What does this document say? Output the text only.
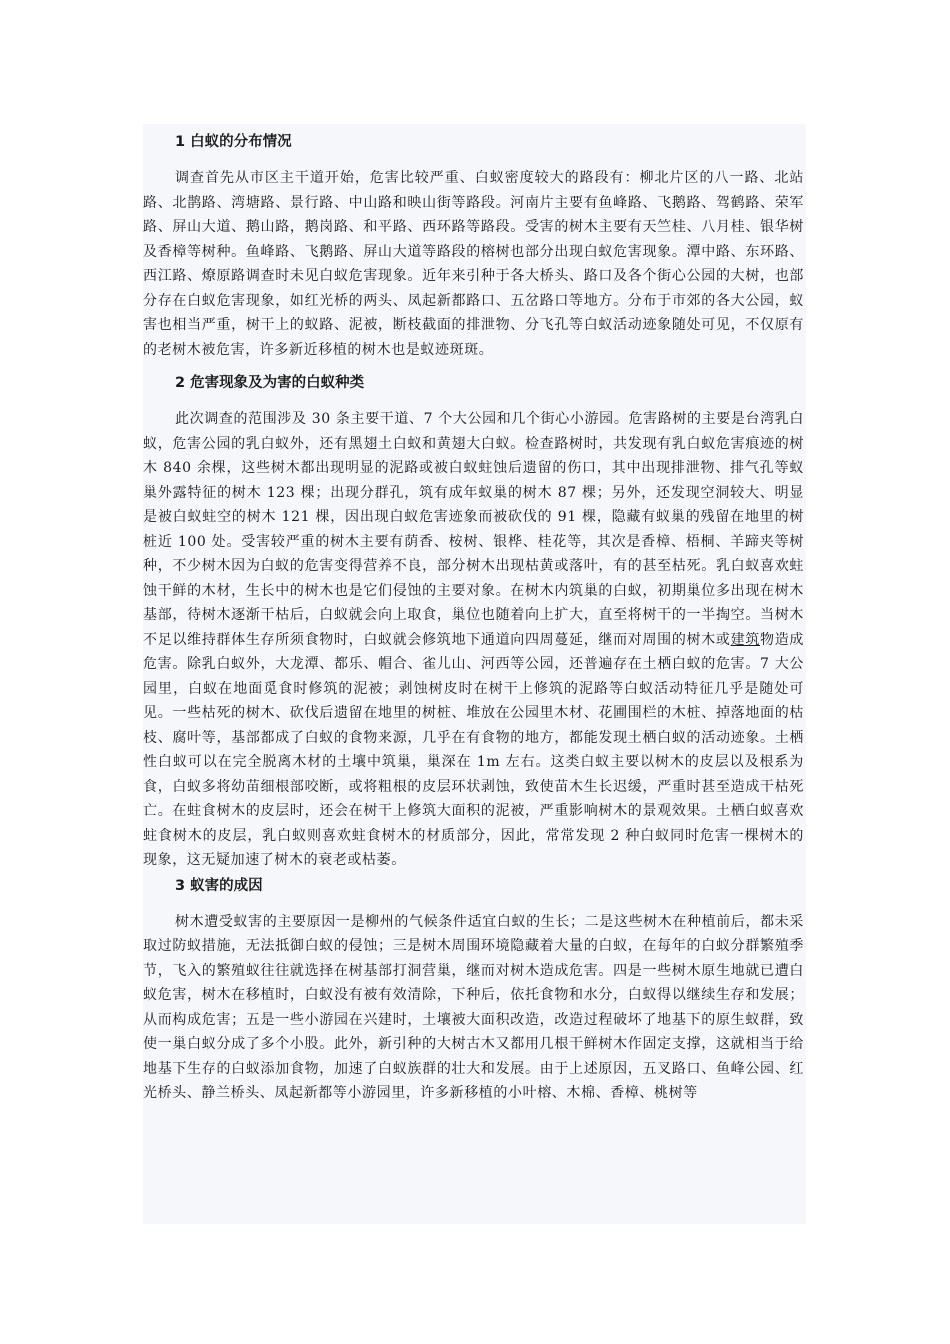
1 白蚁的分布情况

调查首先从市区主干道开始，危害比较严重、白蚁密度较大的路段有：柳北片区的八一路、北站路、北鹊路、湾塘路、景行路、中山路和映山街等路段。河南片主要有鱼峰路、飞鹅路、驾鹤路、荣军路、屏山大道、鹅山路，鹅岗路、和平路、西环路等路段。受害的树木主要有天竺桂、八月桂、银华树及香樟等树种。鱼峰路、飞鹅路、屏山大道等路段的榕树也部分出现白蚁危害现象。潭中路、东环路、西江路、燎原路调查时未见白蚁危害现象。近年来引种于各大桥头、路口及各个街心公园的大树，也部分存在白蚁危害现象，如红光桥的两头、凤起新都路口、五岔路口等地方。分布于市郊的各大公园，蚁害也相当严重，树干上的蚁路、泥被，断枝截面的排泄物、分飞孔等白蚁活动迹象随处可见，不仅原有的老树木被危害，许多新近移植的树木也是蚁迹斑斑。

2 危害现象及为害的白蚁种类

此次调查的范围涉及 30 条主要干道、7 个大公园和几个街心小游园。危害路树的主要是台湾乳白蚁，危害公园的乳白蚁外，还有黑翅土白蚁和黄翅大白蚁。检查路树时，共发现有乳白蚁危害痕迹的树木 840 余棵，这些树木都出现明显的泥路或被白蚁蛀蚀后遗留的伤口，其中出现排泄物、排气孔等蚁巢外露特征的树木 123 棵；出现分群孔，筑有成年蚁巢的树木 87 棵；另外，还发现空洞较大、明显是被白蚁蛀空的树木 121 棵，因出现白蚁危害迹象而被砍伐的 91 棵，隐藏有蚁巢的残留在地里的树桩近 100 处。受害较严重的树木主要有荫香、桉树、银桦、桂花等，其次是香樟、梧桐、羊蹄夹等树种，不少树木因为白蚁的危害变得营养不良，部分树木出现枯黄或落叶，有的甚至枯死。乳白蚁喜欢蛀蚀干鲜的木材，生长中的树木也是它们侵蚀的主要对象。在树木内筑巢的白蚁，初期巢位多出现在树木基部，待树木逐渐干枯后，白蚁就会向上取食，巢位也随着向上扩大，直至将树干的一半掏空。当树木不足以维持群体生存所须食物时，白蚁就会修筑地下通道向四周蔓延，继而对周围的树木或建筑物造成危害。除乳白蚁外，大龙潭、都乐、帽合、雀儿山、河西等公园，还普遍存在土栖白蚁的危害。7 大公园里，白蚁在地面觅食时修筑的泥被；剥蚀树皮时在树干上修筑的泥路等白蚁活动特征几乎是随处可见。一些枯死的树木、砍伐后遗留在地里的树桩、堆放在公园里木材、花圃围栏的木桩、掉落地面的枯枝、腐叶等，基部都成了白蚁的食物来源，几乎在有食物的地方，都能发现土栖白蚁的活动迹象。土栖性白蚁可以在完全脱离木材的土壤中筑巢，巢深在 1m 左右。这类白蚁主要以树木的皮层以及根系为食，白蚁多将幼苗细根部咬断，或将粗根的皮层环状剥蚀，致使苗木生长迟缓，严重时甚至造成干枯死亡。在蛀食树木的皮层时，还会在树干上修筑大面积的泥被，严重影响树木的景观效果。土栖白蚁喜欢蛀食树木的皮层，乳白蚁则喜欢蛀食树木的材质部分，因此，常常发现 2 种白蚁同时危害一棵树木的现象，这无疑加速了树木的衰老或枯萎。

3 蚁害的成因

树木遭受蚁害的主要原因一是柳州的气候条件适宜白蚁的生长；二是这些树木在种植前后，都未采取过防蚁措施，无法抵御白蚁的侵蚀；三是树木周围环境隐藏着大量的白蚁，在每年的白蚁分群繁殖季节，飞入的繁殖蚁往往就选择在树基部打洞营巢，继而对树木造成危害。四是一些树木原生地就已遭白蚁危害，树木在移植时，白蚁没有被有效清除，下种后，依托食物和水分，白蚁得以继续生存和发展；从而构成危害；五是一些小游园在兴建时，土壤被大面积改造，改造过程破坏了地基下的原生蚁群，致使一巢白蚁分成了多个小股。此外，新引种的大树古木又都用几根干鲜树木作固定支撑，这就相当于给地基下生存的白蚁添加食物，加速了白蚁族群的壮大和发展。由于上述原因，五叉路口、鱼峰公园、红光桥头、静兰桥头、凤起新都等小游园里，许多新移植的小叶榕、木棉、香樟、桃树等
